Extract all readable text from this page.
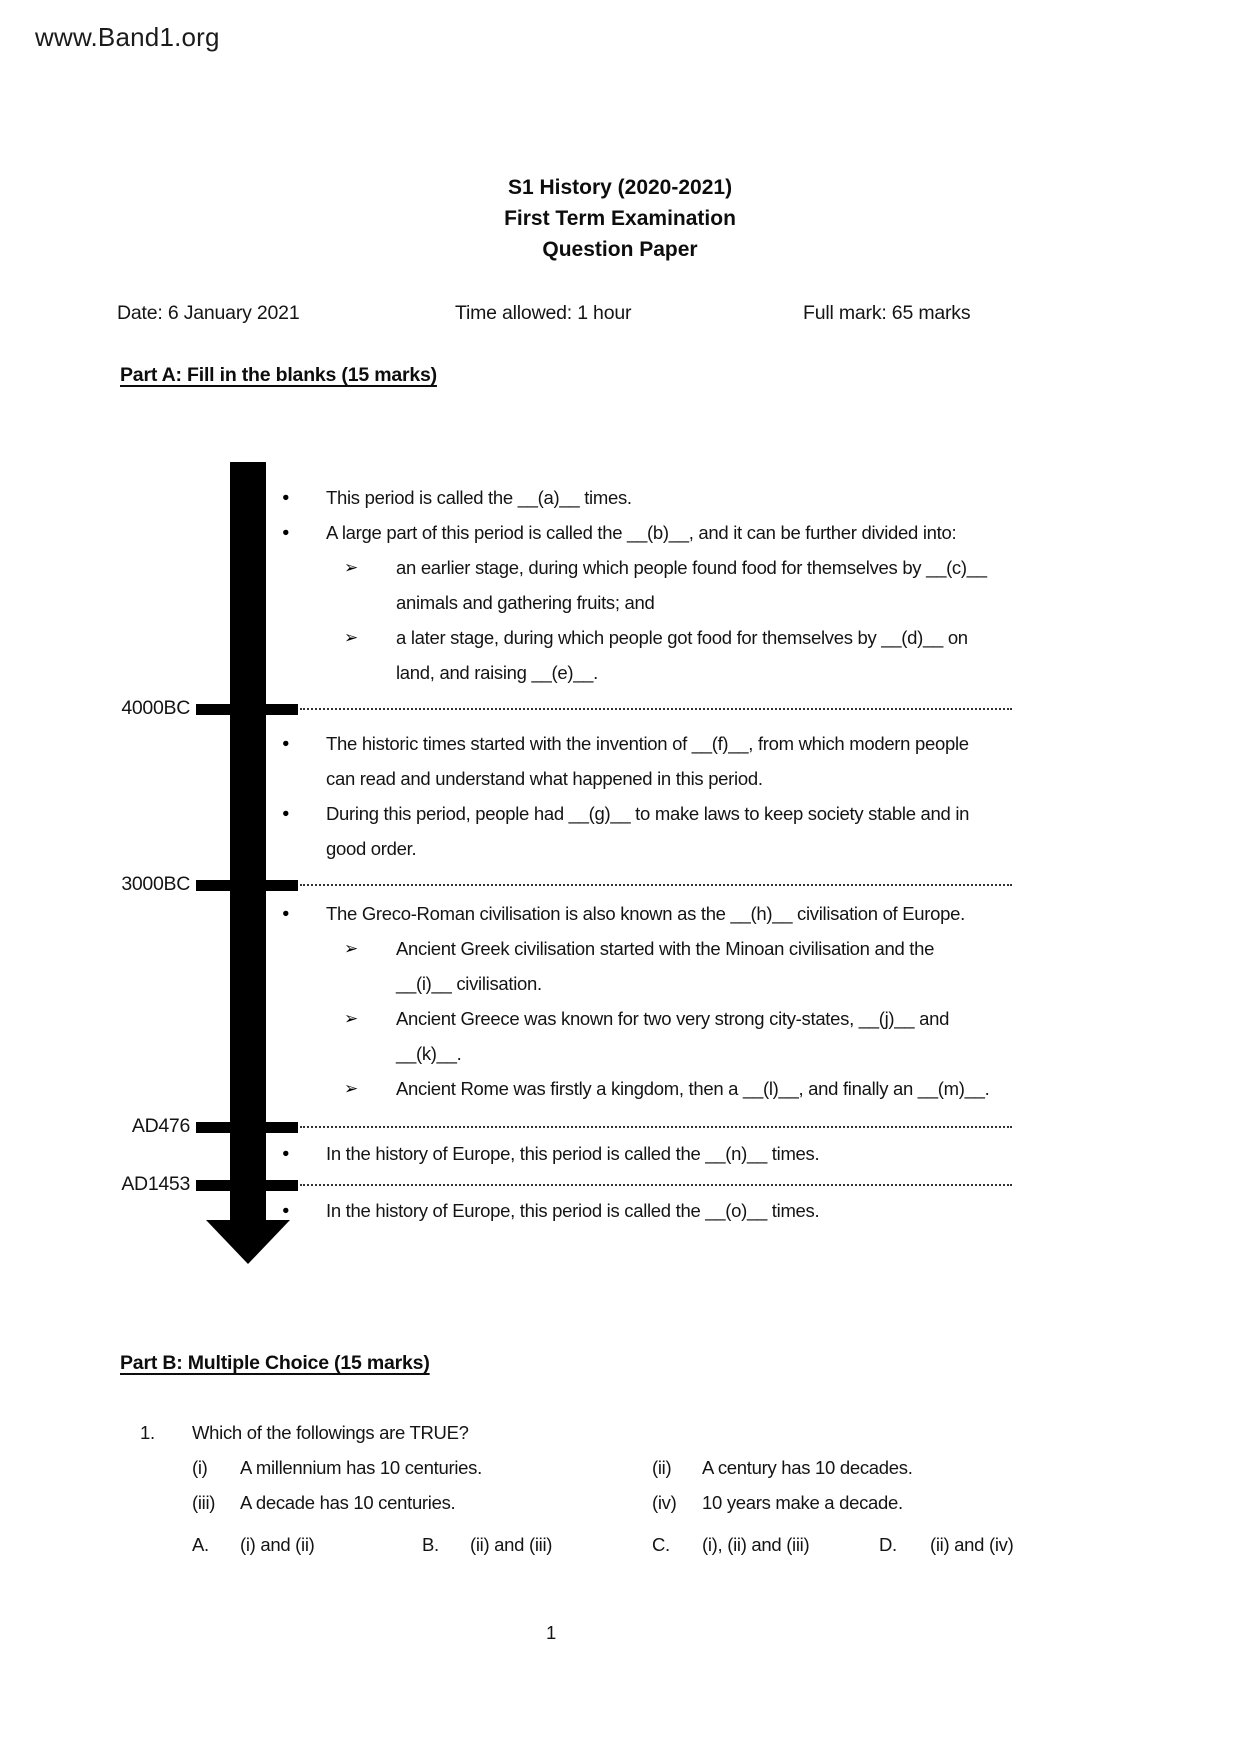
www.Band1.org
S1 History (2020-2021)
First Term Examination
Question Paper
Date: 6 January 2021	Time allowed: 1 hour	Full mark: 65 marks
Part A: Fill in the blanks (15 marks)
4000BC
3000BC
AD476
AD1453
●	This period is called the __(a)__ times.
●	A large part of this period is called the __(b)__, and it can be further divided into:
➢	an earlier stage, during which people found food for themselves by __(c)__ animals and gathering fruits; and
➢	a later stage, during which people got food for themselves by __(d)__ on land, and raising __(e)__.
●	The historic times started with the invention of __(f)__, from which modern people can read and understand what happened in this period.
●	During this period, people had __(g)__ to make laws to keep society stable and in good order.
●	The Greco-Roman civilisation is also known as the __(h)__ civilisation of Europe.
➢	Ancient Greek civilisation started with the Minoan civilisation and the __(i)__ civilisation.
➢	Ancient Greece was known for two very strong city-states, __(j)__ and __(k)__.
➢	Ancient Rome was firstly a kingdom, then a __(l)__, and finally an __(m)__.
●	In the history of Europe, this period is called the __(n)__ times.
●	In the history of Europe, this period is called the __(o)__ times.
Part B: Multiple Choice (15 marks)
1.	Which of the followings are TRUE?
(i) A millennium has 10 centuries.	(ii) A century has 10 decades.
(iii) A decade has 10 centuries.	(iv) 10 years make a decade.
A. (i) and (ii)	B. (ii) and (iii)	C. (i), (ii) and (iii)	D. (ii) and (iv)
1
